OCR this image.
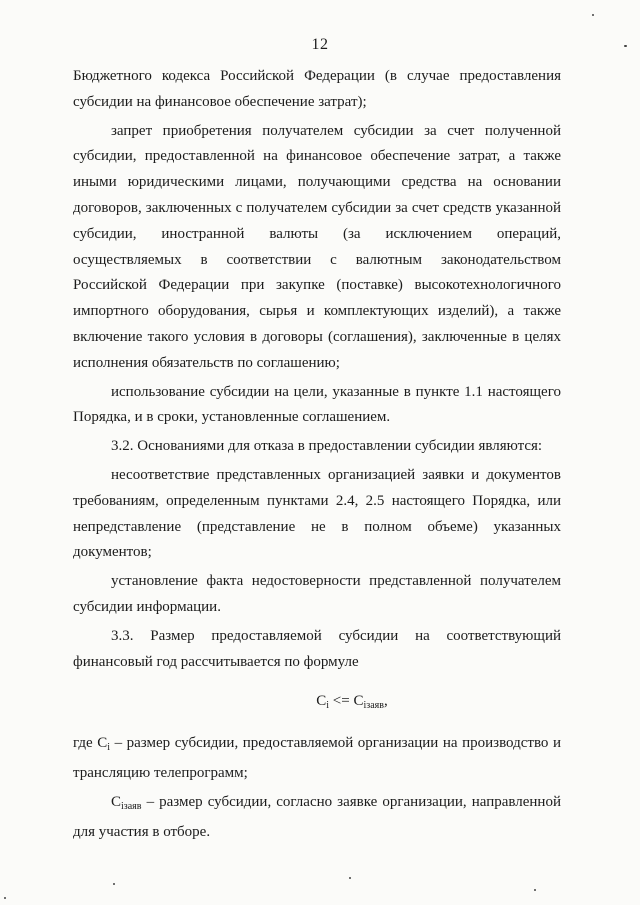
12

Бюджетного кодекса Российской Федерации (в случае предоставления субсидии на финансовое обеспечение затрат);

запрет приобретения получателем субсидии за счет полученной субсидии, предоставленной на финансовое обеспечение затрат, а также иными юридическими лицами, получающими средства на основании договоров, заключенных с получателем субсидии за счет средств указанной субсидии, иностранной валюты (за исключением операций, осуществляемых в соответствии с валютным законодательством Российской Федерации при закупке (поставке) высокотехнологичного импортного оборудования, сырья и комплектующих изделий), а также включение такого условия в договоры (соглашения), заключенные в целях исполнения обязательств по соглашению;

использование субсидии на цели, указанные в пункте 1.1 настоящего Порядка, и в сроки, установленные соглашением.

3.2. Основаниями для отказа в предоставлении субсидии являются:

несоответствие представленных организацией заявки и документов требованиям, определенным пунктами 2.4, 2.5 настоящего Порядка, или непредставление (представление не в полном объеме) указанных документов;

установление факта недостоверности представленной получателем субсидии информации.

3.3. Размер предоставляемой субсидии на соответствующий финансовый год рассчитывается по формуле

$C_i <= C_{iзаяв}$,

где $C_i$ – размер субсидии, предоставляемой организации на производство и трансляцию телепрограмм;

$C_{iзаяв}$ – размер субсидии, согласно заявке организации, направленной для участия в отборе.
